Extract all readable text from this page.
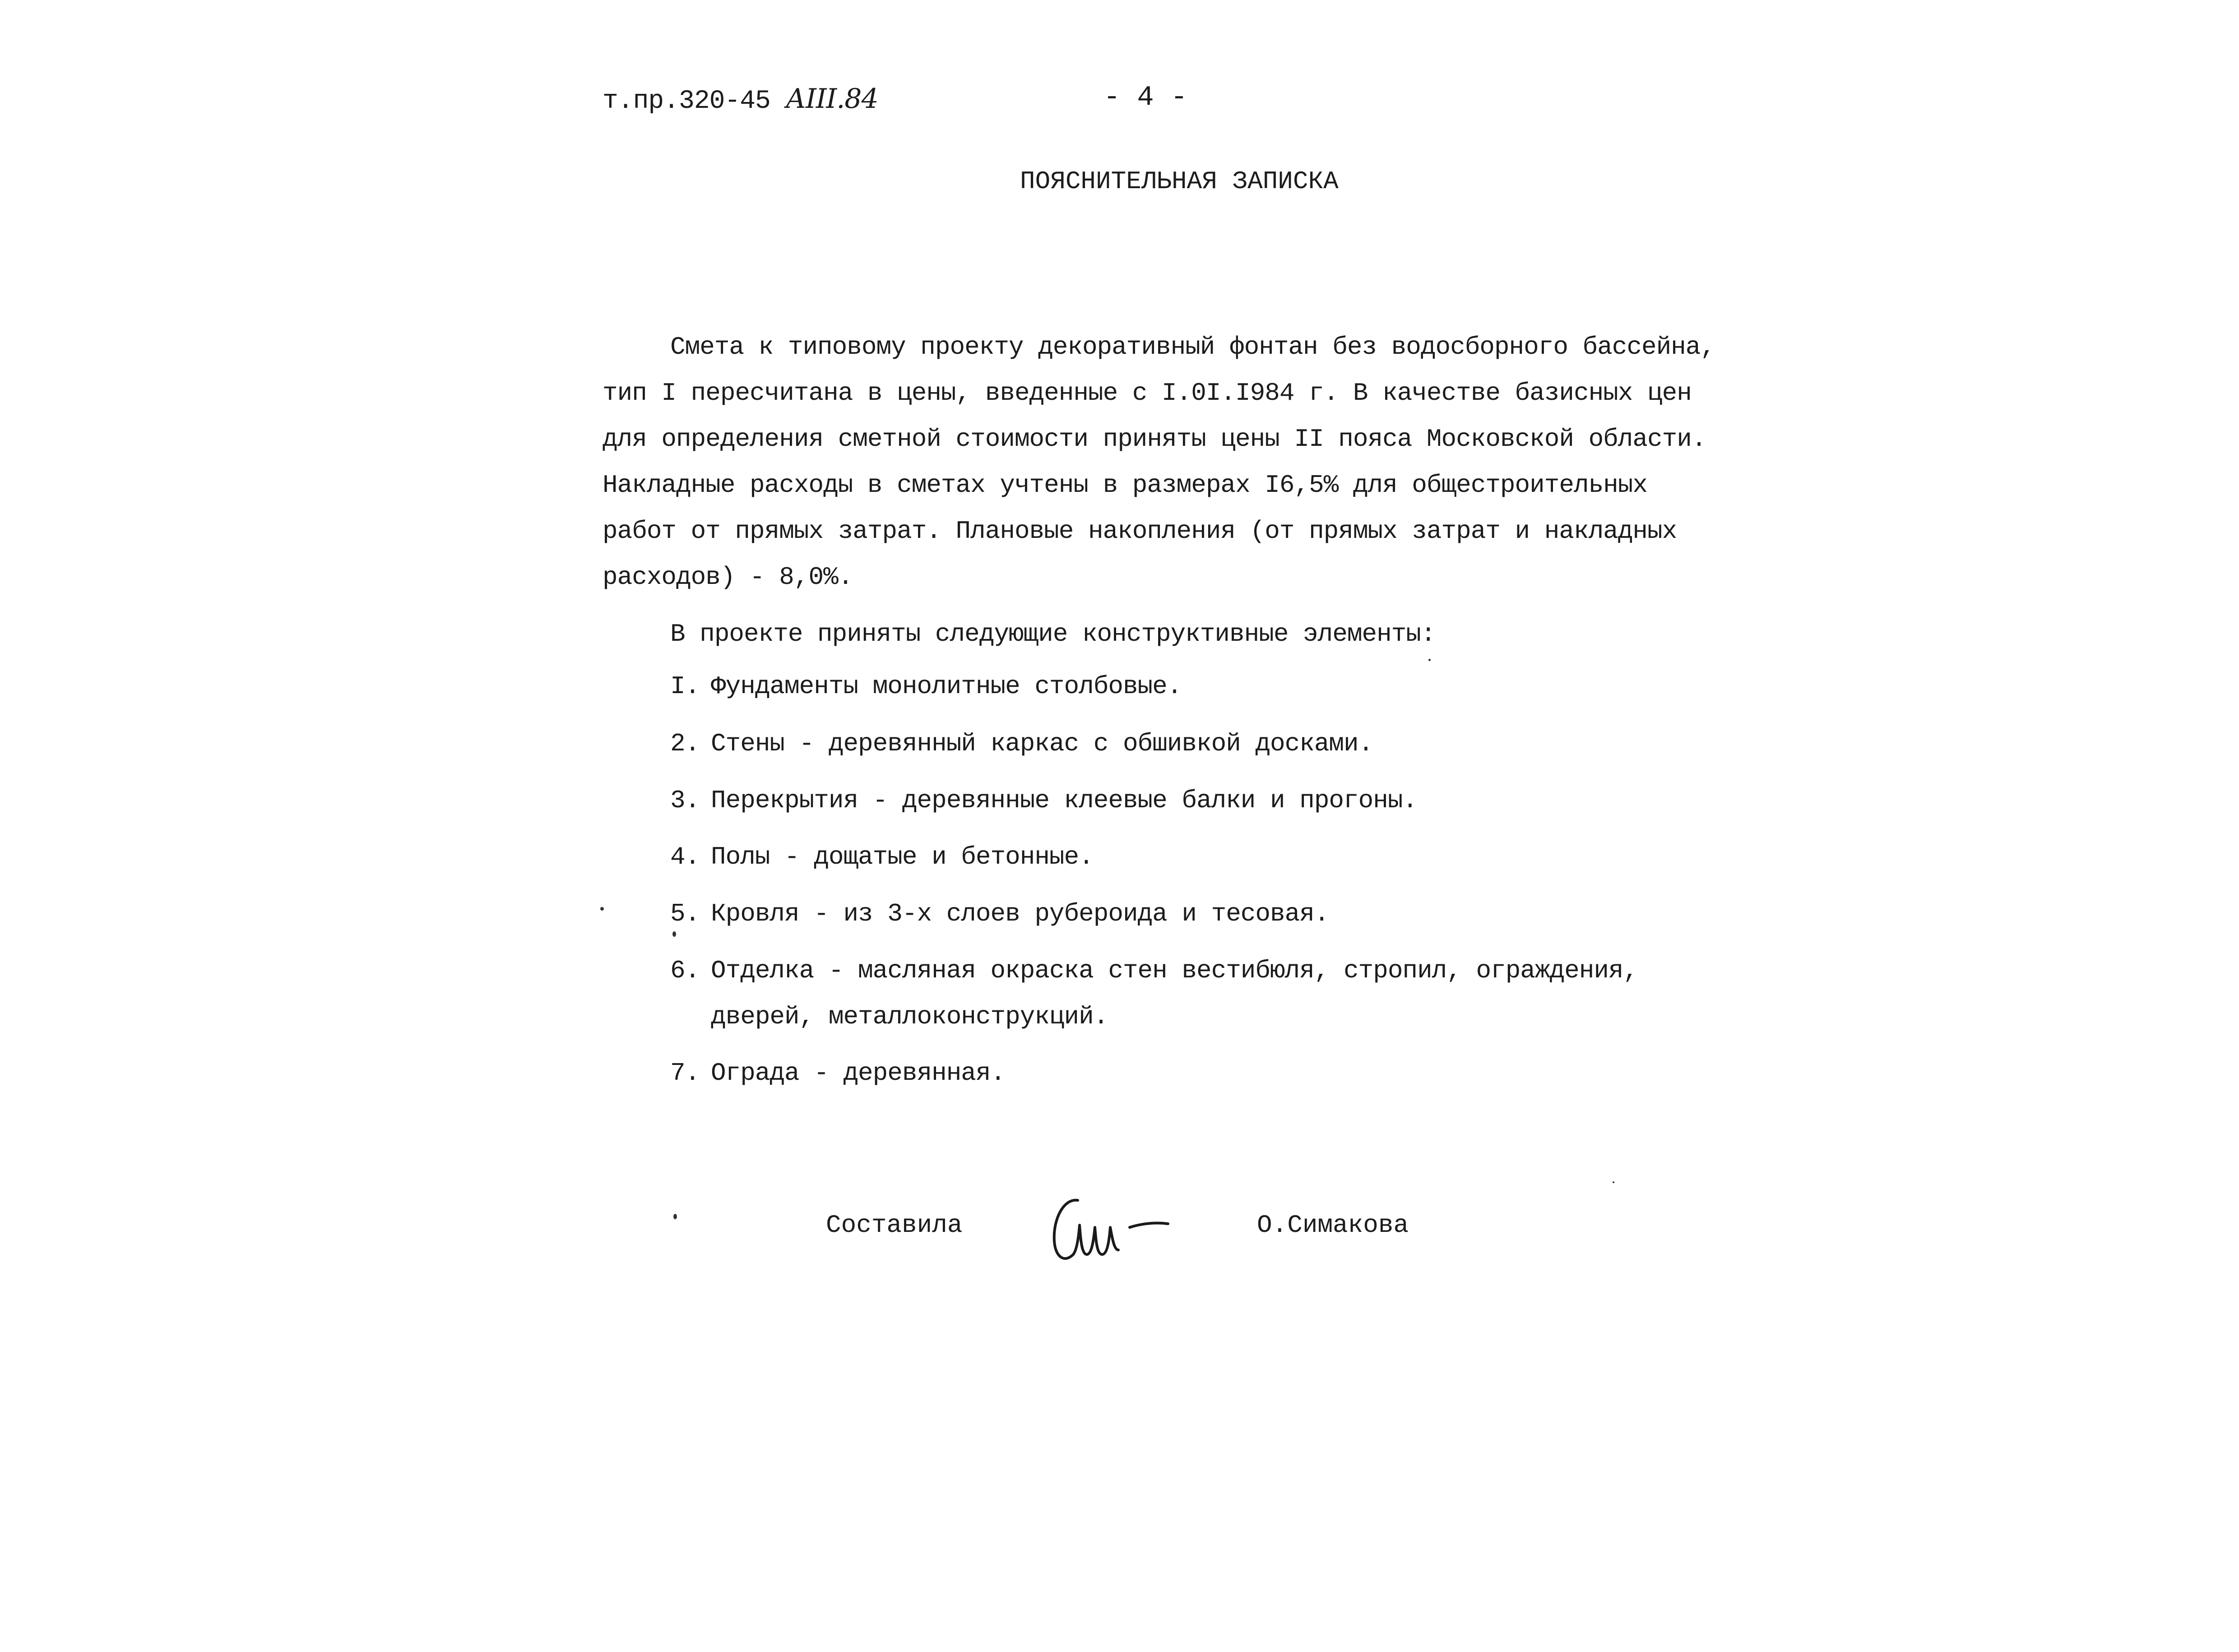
т.пр.320-45 АIII.84	- 4 -
ПОЯСНИТЕЛЬНАЯ ЗАПИСКА
Смета к типовому проекту декоративный фонтан без водосборного бассейна,
тип I пересчитана в цены, введенные с I.0I.I984 г. В качестве базисных цен
для определения сметной стоимости приняты цены II пояса Московской области.
Накладные расходы в сметах учтены в размерах I6,5% для общестроительных
работ от прямых затрат. Плановые накопления (от прямых затрат и накладных
расходов) - 8,0%.
В проекте приняты следующие конструктивные элементы:
I. Фундаменты монолитные столбовые.
2. Стены - деревянный каркас с обшивкой досками.
3. Перекрытия - деревянные клеевые балки и прогоны.
4. Полы - дощатые и бетонные.
5. Кровля - из 3-х слоев рубероида и тесовая.
6. Отделка - масляная окраска стен вестибюля, стропил, ограждения,
дверей, металлоконструкций.
7. Ограда - деревянная.
Составила	О.Симакова
